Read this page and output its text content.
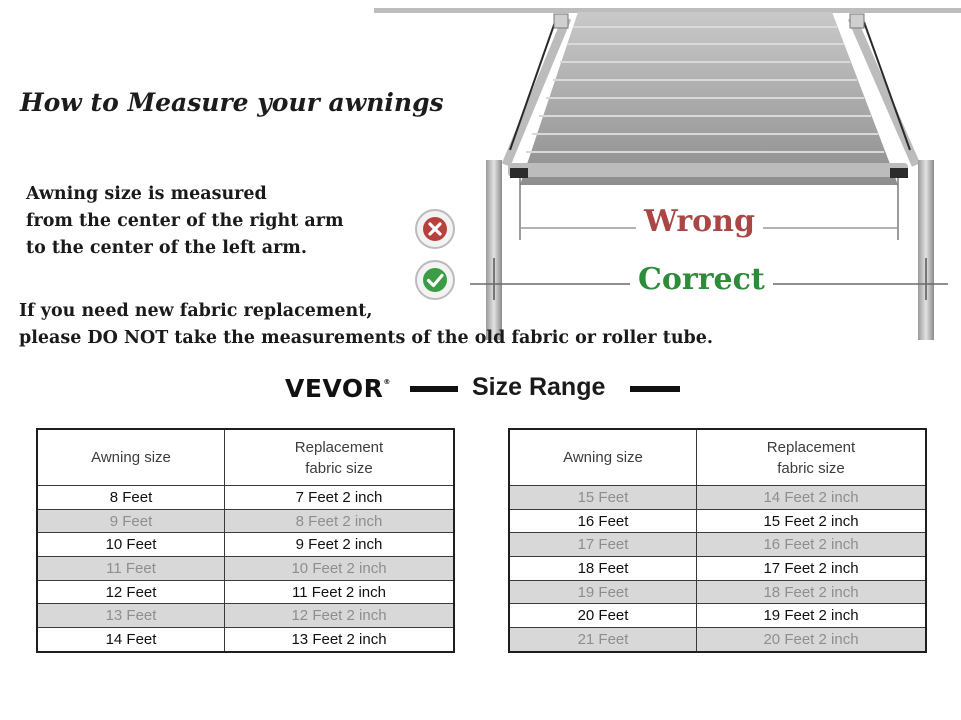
How to Measure your awnings
Awning size is measured
from the center of the right arm
to the center of the left arm.
Wrong
Correct
If you need new fabric replacement,
please DO NOT take the measurements of the old fabric or roller tube.
VEVOR®	Size Range
Awning size	Replacement
fabric size
8 Feet	7 Feet 2 inch
9 Feet	8 Feet 2 inch
10 Feet	9 Feet 2 inch
11 Feet	10 Feet 2 inch
12 Feet	11 Feet 2 inch
13 Feet	12 Feet 2 inch
14 Feet	13 Feet 2 inch
Awning size	Replacement
fabric size
15 Feet	14 Feet 2 inch
16 Feet	15 Feet 2 inch
17 Feet	16 Feet 2 inch
18 Feet	17 Feet 2 inch
19 Feet	18 Feet 2 inch
20 Feet	19 Feet 2 inch
21 Feet	20 Feet 2 inch
